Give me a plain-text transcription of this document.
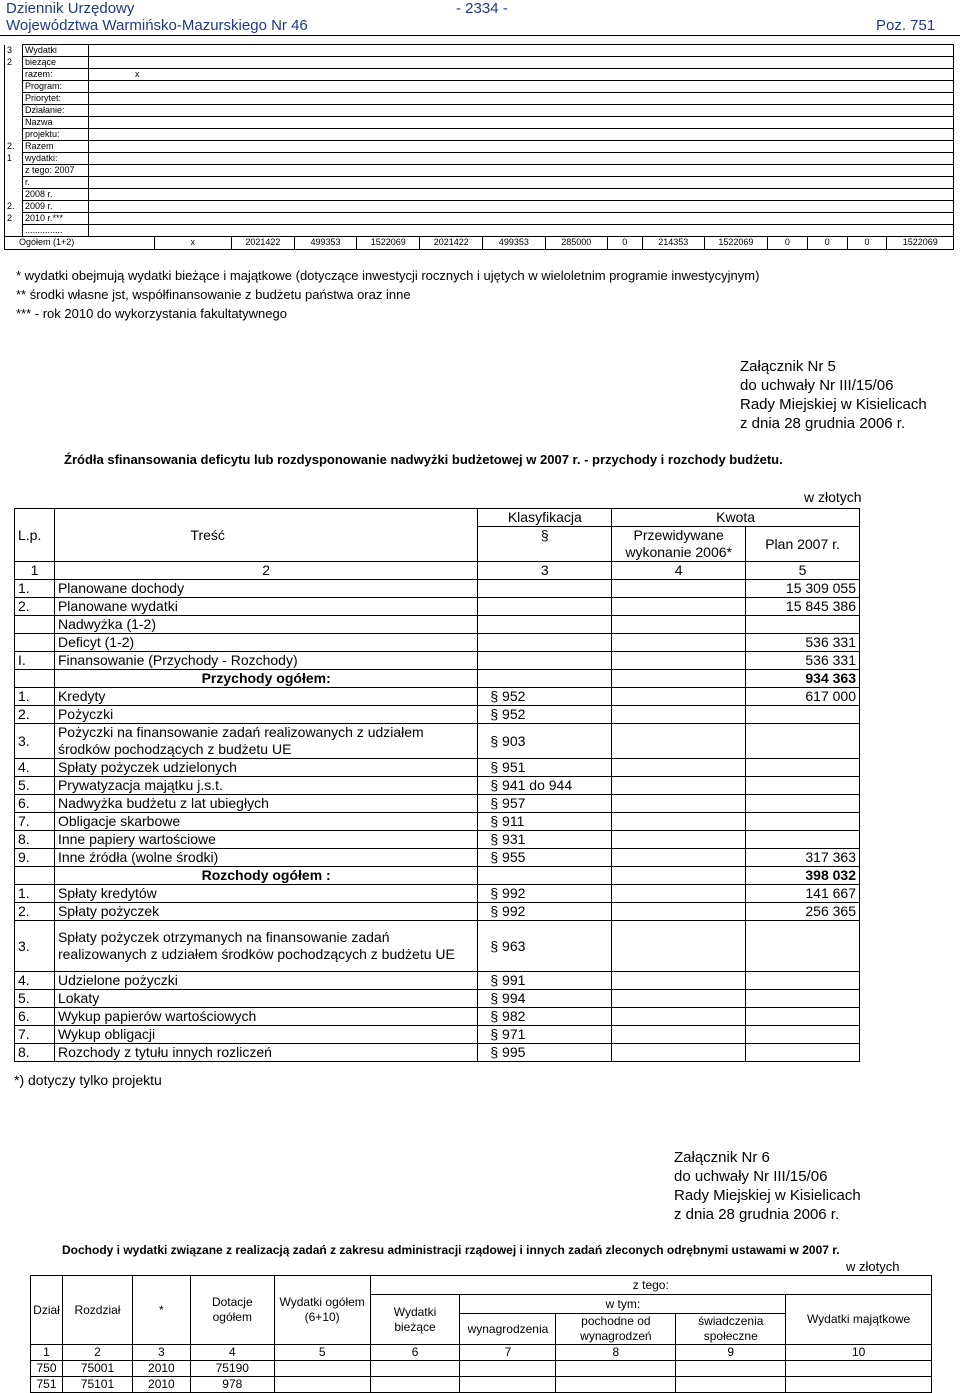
Dziennik Urzędowy	- 2334 -
Województwa Warmińsko-Mazurskiego Nr 46	Poz. 751
3	Wydatki	
2	bieżące	
	razem:	x
	Program:	
	Priorytet:	
	Działanie:	
	Nazwa	
	projektu:	
2.	Razem	
1	wydatki:	
	z tego: 2007	
	r.	
	2008 r.	
2.	2009 r.	
2	2010 r.***	
	...............	

Ogółem (1+2)	x	2021422	499353	1522069	2021422	499353	285000	0	214353	1522069	0	0	0	1522069
* wydatki obejmują wydatki bieżące i majątkowe (dotyczące inwestycji rocznych i ujętych w wieloletnim programie inwestycyjnym)
** środki własne jst, współfinansowanie z budżetu państwa oraz inne
*** - rok 2010 do wykorzystania fakultatywnego
Załącznik Nr 5
do uchwały Nr III/15/06
Rady Miejskiej w Kisielicach
z dnia 28 grudnia 2006 r.
Źródła sfinansowania deficytu lub rozdysponowanie nadwyżki budżetowej w 2007 r. - przychody i rozchody budżetu.
w złotych
L.p.	Treść	Klasyfikacja	Kwota	
		§	Przewidywane wykonanie 2006*	Plan 2007 r.
1	2	3	4	5
1.	Planowane dochody			15 309 055
2.	Planowane wydatki			15 845 386
	Nadwyżka (1-2)			
	Deficyt (1-2)			536 331
I.	Finansowanie (Przychody - Rozchody)			536 331
	Przychody ogółem:			934 363
1.	Kredyty	§ 952		617 000
2.	Pożyczki	§ 952		
3.	Pożyczki na finansowanie zadań realizowanych z udziałem środków pochodzących z budżetu UE	§ 903		
4.	Spłaty pożyczek udzielonych	§ 951		
5.	Prywatyzacja majątku j.s.t.	§ 941 do 944		
6.	Nadwyżka budżetu z lat ubiegłych	§ 957		
7.	Obligacje skarbowe	§ 911		
8.	Inne papiery wartościowe	§ 931		
9.	Inne źródła (wolne środki)	§ 955		317 363
	Rozchody ogółem :			398 032
1.	Spłaty kredytów	§ 992		141 667
2.	Spłaty pożyczek	§ 992		256 365
3.	Spłaty pożyczek otrzymanych na finansowanie zadań realizowanych z udziałem środków pochodzących z budżetu UE	§ 963		
4.	Udzielone pożyczki	§ 991		
5.	Lokaty	§ 994		
6.	Wykup papierów wartościowych	§ 982		
7.	Wykup obligacji	§ 971		
8.	Rozchody z tytułu innych rozliczeń	§ 995		
*) dotyczy tylko projektu
Załącznik Nr 6
do uchwały Nr III/15/06
Rady Miejskiej w Kisielicach
z dnia 28 grudnia 2006 r.
Dochody i wydatki związane z realizacją zadań z zakresu administracji rządowej i innych zadań zleconych odrębnymi ustawami w 2007 r.
w złotych
Dział	Rozdział	*	Dotacje ogółem	Wydatki ogółem (6+10)	z tego:				
					Wydatki bieżące	w tym:			Wydatki majątkowe
						wynagrodzenia	pochodne od wynagrodzeń	świadczenia społeczne	
1	2	3	4	5	6	7	8	9	10
750	75001	2010	75190						
751	75101	2010	978						
